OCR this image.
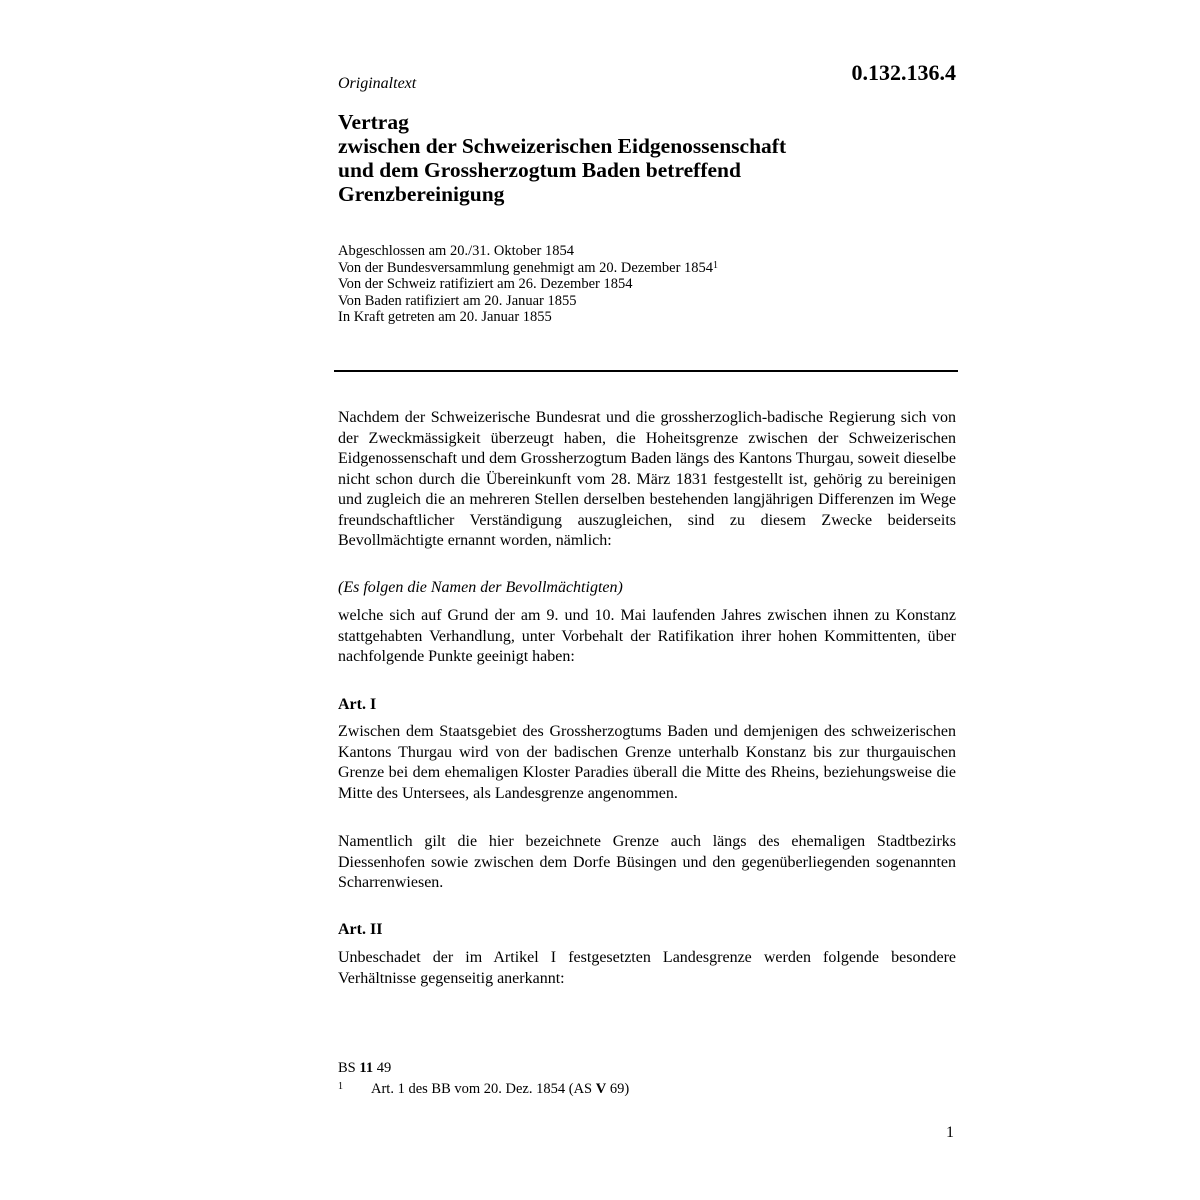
0.132.136.4
Originaltext
Vertrag
zwischen der Schweizerischen Eidgenossenschaft
und dem Grossherzogtum Baden betreffend
Grenzbereinigung
Abgeschlossen am 20./31. Oktober 1854
Von der Bundesversammlung genehmigt am 20. Dezember 1854$^1$
Von der Schweiz ratifiziert am 26. Dezember 1854
Von Baden ratifiziert am 20. Januar 1855
In Kraft getreten am 20. Januar 1855

Nachdem der Schweizerische Bundesrat und die grossherzoglich-badische Regierung sich von der Zweckmässigkeit überzeugt haben, die Hoheitsgrenze zwischen der Schweizerischen Eidgenossenschaft und dem Grossherzogtum Baden längs des Kantons Thurgau, soweit dieselbe nicht schon durch die Übereinkunft vom 28. März 1831 festgestellt ist, gehörig zu bereinigen und zugleich die an mehreren Stellen derselben bestehenden langjährigen Differenzen im Wege freundschaftlicher Verständigung auszugleichen, sind zu diesem Zwecke beiderseits Bevollmächtigte ernannt worden, nämlich:

(Es folgen die Namen der Bevollmächtigten)

welche sich auf Grund der am 9. und 10. Mai laufenden Jahres zwischen ihnen zu Konstanz stattgehabten Verhandlung, unter Vorbehalt der Ratifikation ihrer hohen Kommittenten, über nachfolgende Punkte geeinigt haben:

Art. I

Zwischen dem Staatsgebiet des Grossherzogtums Baden und demjenigen des schweizerischen Kantons Thurgau wird von der badischen Grenze unterhalb Konstanz bis zur thurgauischen Grenze bei dem ehemaligen Kloster Paradies überall die Mitte des Rheins, beziehungsweise die Mitte des Untersees, als Landesgrenze angenommen.

Namentlich gilt die hier bezeichnete Grenze auch längs des ehemaligen Stadtbezirks Diessenhofen sowie zwischen dem Dorfe Büsingen und den gegenüberliegenden sogenannten Scharrenwiesen.

Art. II

Unbeschadet der im Artikel I festgesetzten Landesgrenze werden folgende besondere Verhältnisse gegenseitig anerkannt:

BS 11 49
1 Art. 1 des BB vom 20. Dez. 1854 (AS V 69)
1
